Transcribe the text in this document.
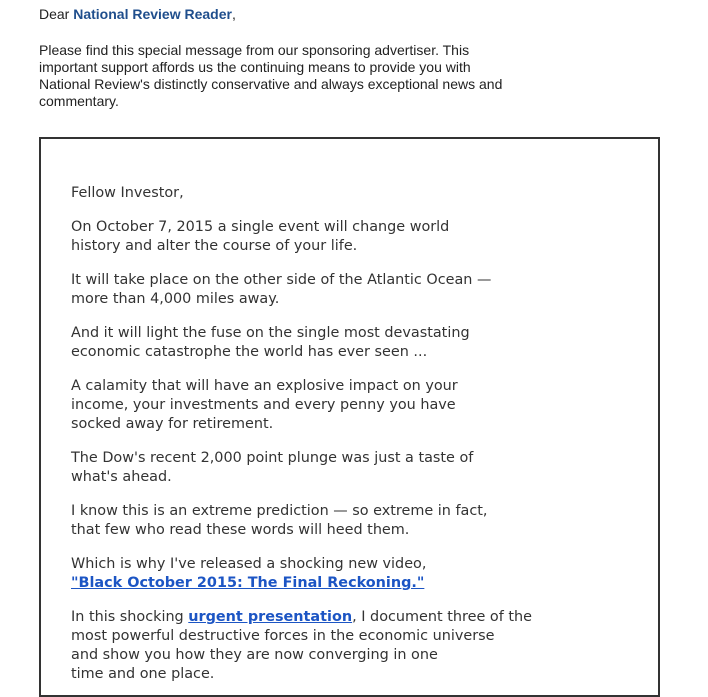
Dear National Review Reader,

Please find this special message from our sponsoring advertiser. This
important support affords us the continuing means to provide you with
National Review's distinctly conservative and always exceptional news and
commentary.

Fellow Investor,

On October 7, 2015 a single event will change world
history and alter the course of your life.

It will take place on the other side of the Atlantic Ocean —
more than 4,000 miles away.

And it will light the fuse on the single most devastating
economic catastrophe the world has ever seen ...

A calamity that will have an explosive impact on your
income, your investments and every penny you have
socked away for retirement.

The Dow's recent 2,000 point plunge was just a taste of
what's ahead.

I know this is an extreme prediction — so extreme in fact,
that few who read these words will heed them.

Which is why I've released a shocking new video,
"Black October 2015: The Final Reckoning."

In this shocking urgent presentation, I document three of the
most powerful destructive forces in the economic universe
and show you how they are now converging in one
time and one place.
